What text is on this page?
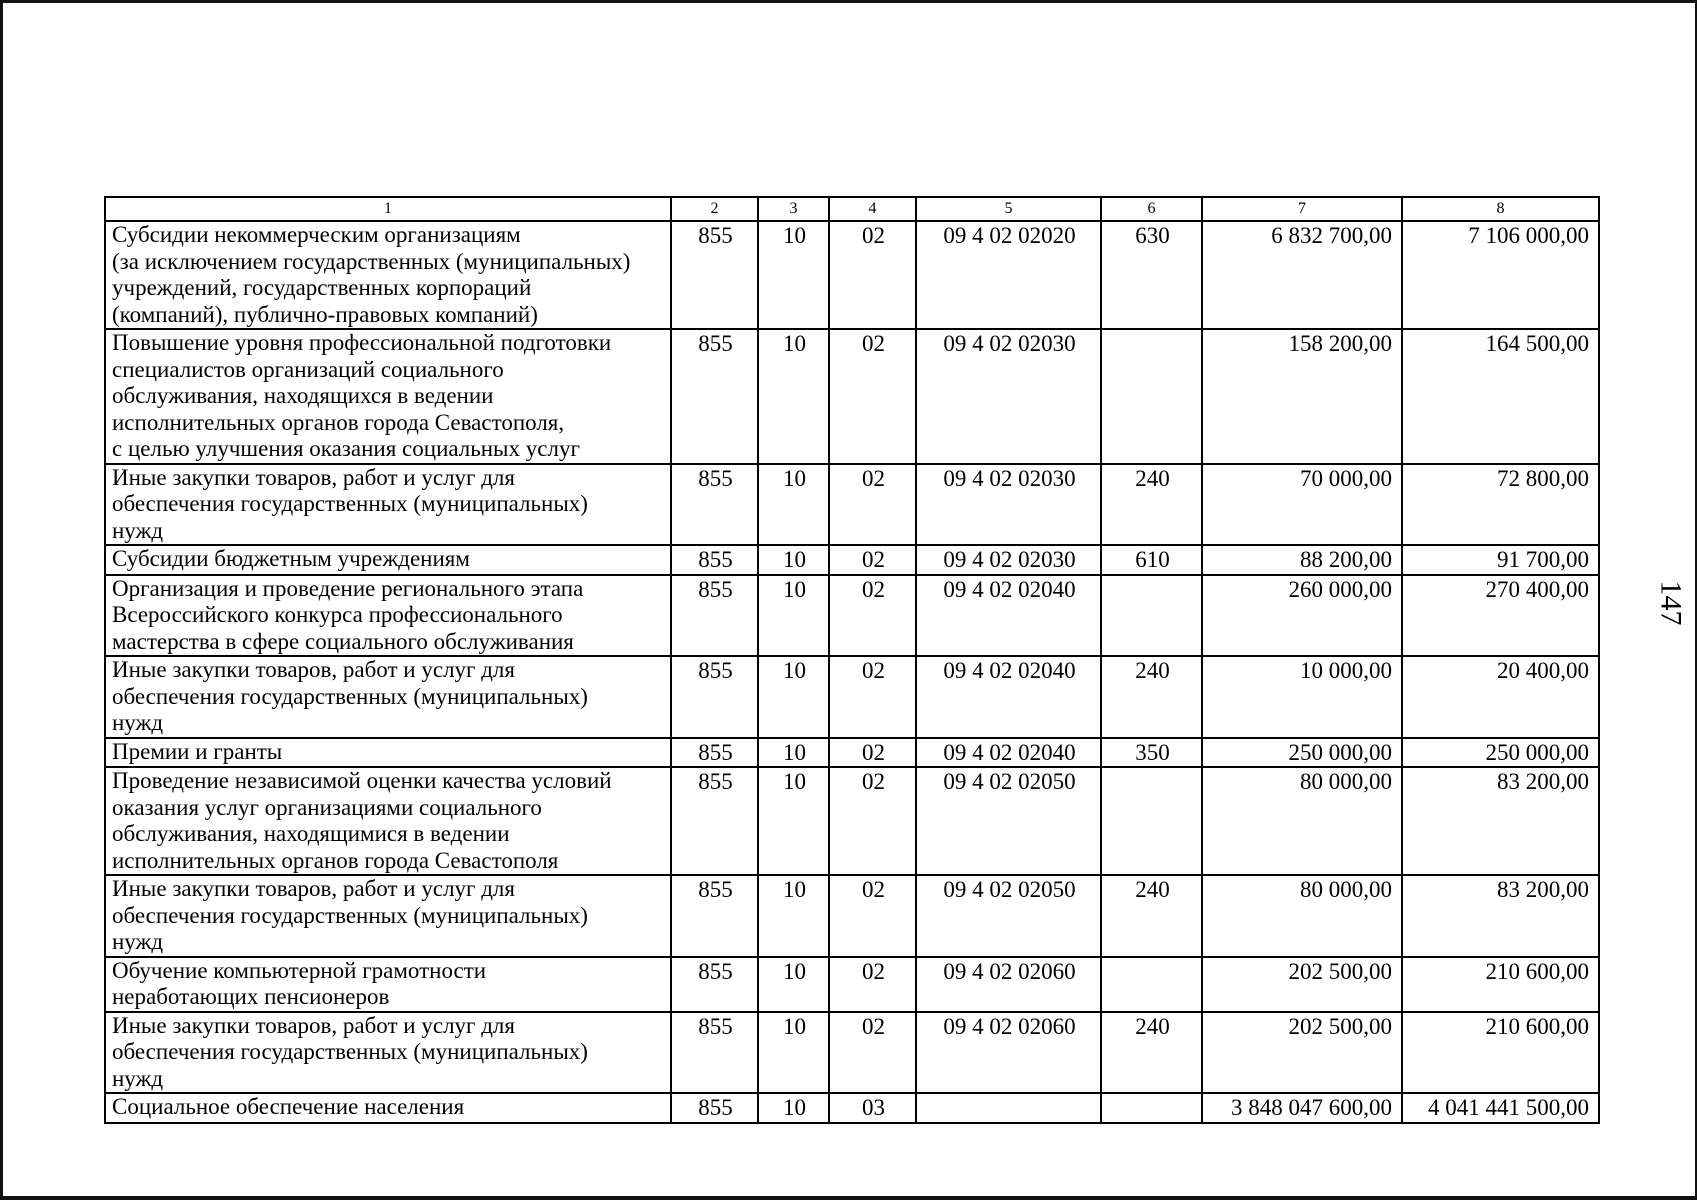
1	2	3	4	5	6	7	8
Субсидии некоммерческим организациям
(за исключением государственных (муниципальных)
учреждений, государственных корпораций
(компаний), публично-правовых компаний)	855	10	02	09 4 02 02020	630	6 832 700,00	7 106 000,00
Повышение уровня профессиональной подготовки
специалистов организаций социального
обслуживания, находящихся в ведении
исполнительных органов города Севастополя,
с целью улучшения оказания социальных услуг	855	10	02	09 4 02 02030		158 200,00	164 500,00
Иные закупки товаров, работ и услуг для
обеспечения государственных (муниципальных)
нужд	855	10	02	09 4 02 02030	240	70 000,00	72 800,00
Субсидии бюджетным учреждениям	855	10	02	09 4 02 02030	610	88 200,00	91 700,00
Организация и проведение регионального этапа
Всероссийского конкурса профессионального
мастерства в сфере социального обслуживания	855	10	02	09 4 02 02040		260 000,00	270 400,00
Иные закупки товаров, работ и услуг для
обеспечения государственных (муниципальных)
нужд	855	10	02	09 4 02 02040	240	10 000,00	20 400,00
Премии и гранты	855	10	02	09 4 02 02040	350	250 000,00	250 000,00
Проведение независимой оценки качества условий
оказания услуг организациями социального
обслуживания, находящимися в ведении
исполнительных органов города Севастополя	855	10	02	09 4 02 02050		80 000,00	83 200,00
Иные закупки товаров, работ и услуг для
обеспечения государственных (муниципальных)
нужд	855	10	02	09 4 02 02050	240	80 000,00	83 200,00
Обучение компьютерной грамотности
неработающих пенсионеров	855	10	02	09 4 02 02060		202 500,00	210 600,00
Иные закупки товаров, работ и услуг для
обеспечения государственных (муниципальных)
нужд	855	10	02	09 4 02 02060	240	202 500,00	210 600,00
Социальное обеспечение населения	855	10	03			3 848 047 600,00	4 041 441 500,00
147
